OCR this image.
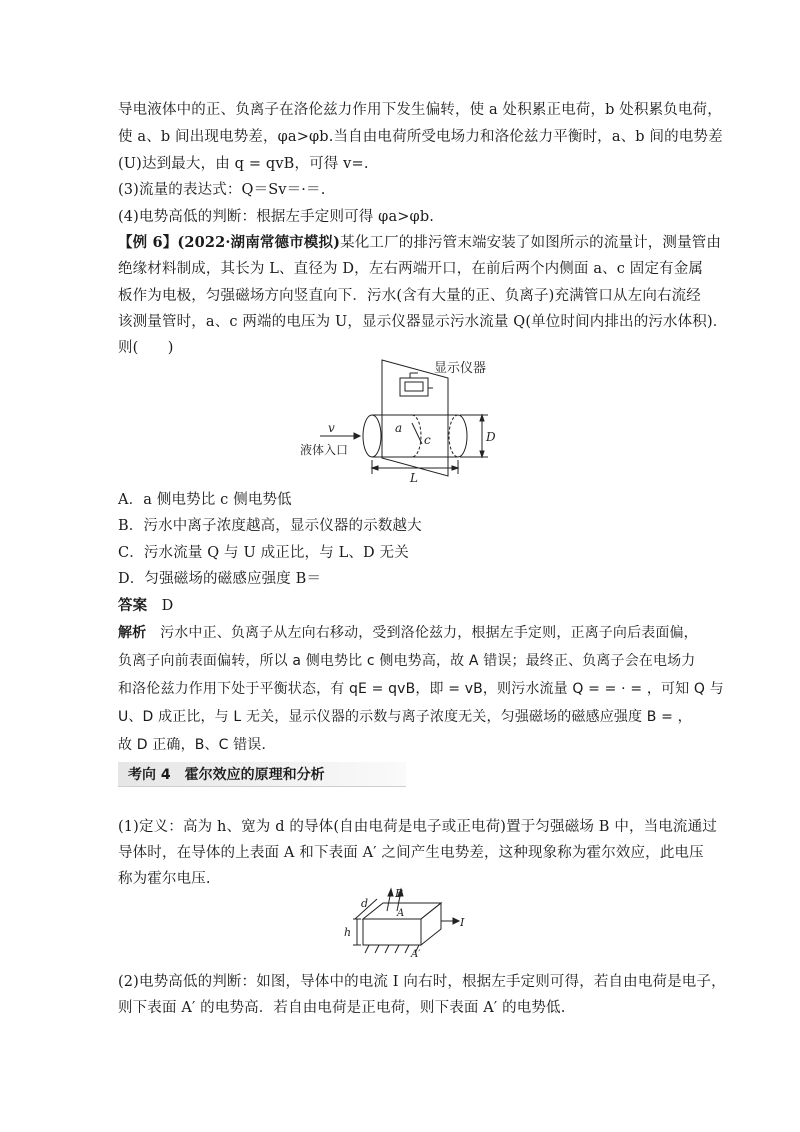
导电液体中的正、负离子在洛伦兹力作用下发生偏转，使 a 处积累正电荷，b 处积累负电荷，
使 a、b 间出现电势差，φa>φb.当自由电荷所受电场力和洛伦兹力平衡时，a、b 间的电势差
(U)达到最大，由 q = qvB，可得 v=.
(3)流量的表达式：Q＝Sv＝·＝.
(4)电势高低的判断：根据左手定则可得 φa>φb.
【例 6】(2022·湖南常德市模拟)某化工厂的排污管末端安装了如图所示的流量计，测量管由
绝缘材料制成，其长为 L、直径为 D，左右两端开口，在前后两个内侧面 a、c 固定有金属
板作为电极，匀强磁场方向竖直向下．污水(含有大量的正、负离子)充满管口从左向右流经
该测量管时，a、c 两端的电压为 U，显示仪器显示污水流量 Q(单位时间内排出的污水体积)．
则(　　)
显示仪器
v
液体入口
a
c	D
L
A．a 侧电势比 c 侧电势低
B．污水中离子浓度越高，显示仪器的示数越大
C．污水流量 Q 与 U 成正比，与 L、D 无关
D．匀强磁场的磁感应强度 B＝
答案 D
解析 污水中正、负离子从左向右移动，受到洛伦兹力，根据左手定则，正离子向后表面偏，
负离子向前表面偏转，所以 a 侧电势比 c 侧电势高，故 A 错误；最终正、负离子会在电场力
和洛伦兹力作用下处于平衡状态，有 qE = qvB，即 = vB，则污水流量 Q = = · = ，可知 Q 与
U、D 成正比，与 L 无关，显示仪器的示数与离子浓度无关，匀强磁场的磁感应强度 B = ，
故 D 正确，B、C 错误．
考向 4　霍尔效应的原理和分析
(1)定义：高为 h、宽为 d 的导体(自由电荷是电子或正电荷)置于匀强磁场 B 中，当电流通过
导体时，在导体的上表面 A 和下表面 A′ 之间产生电势差，这种现象称为霍尔效应，此电压
称为霍尔电压.
B
d
A
h
I
A′
(2)电势高低的判断：如图，导体中的电流 I 向右时，根据左手定则可得，若自由电荷是电子，
则下表面 A′ 的电势高．若自由电荷是正电荷，则下表面 A′ 的电势低.
